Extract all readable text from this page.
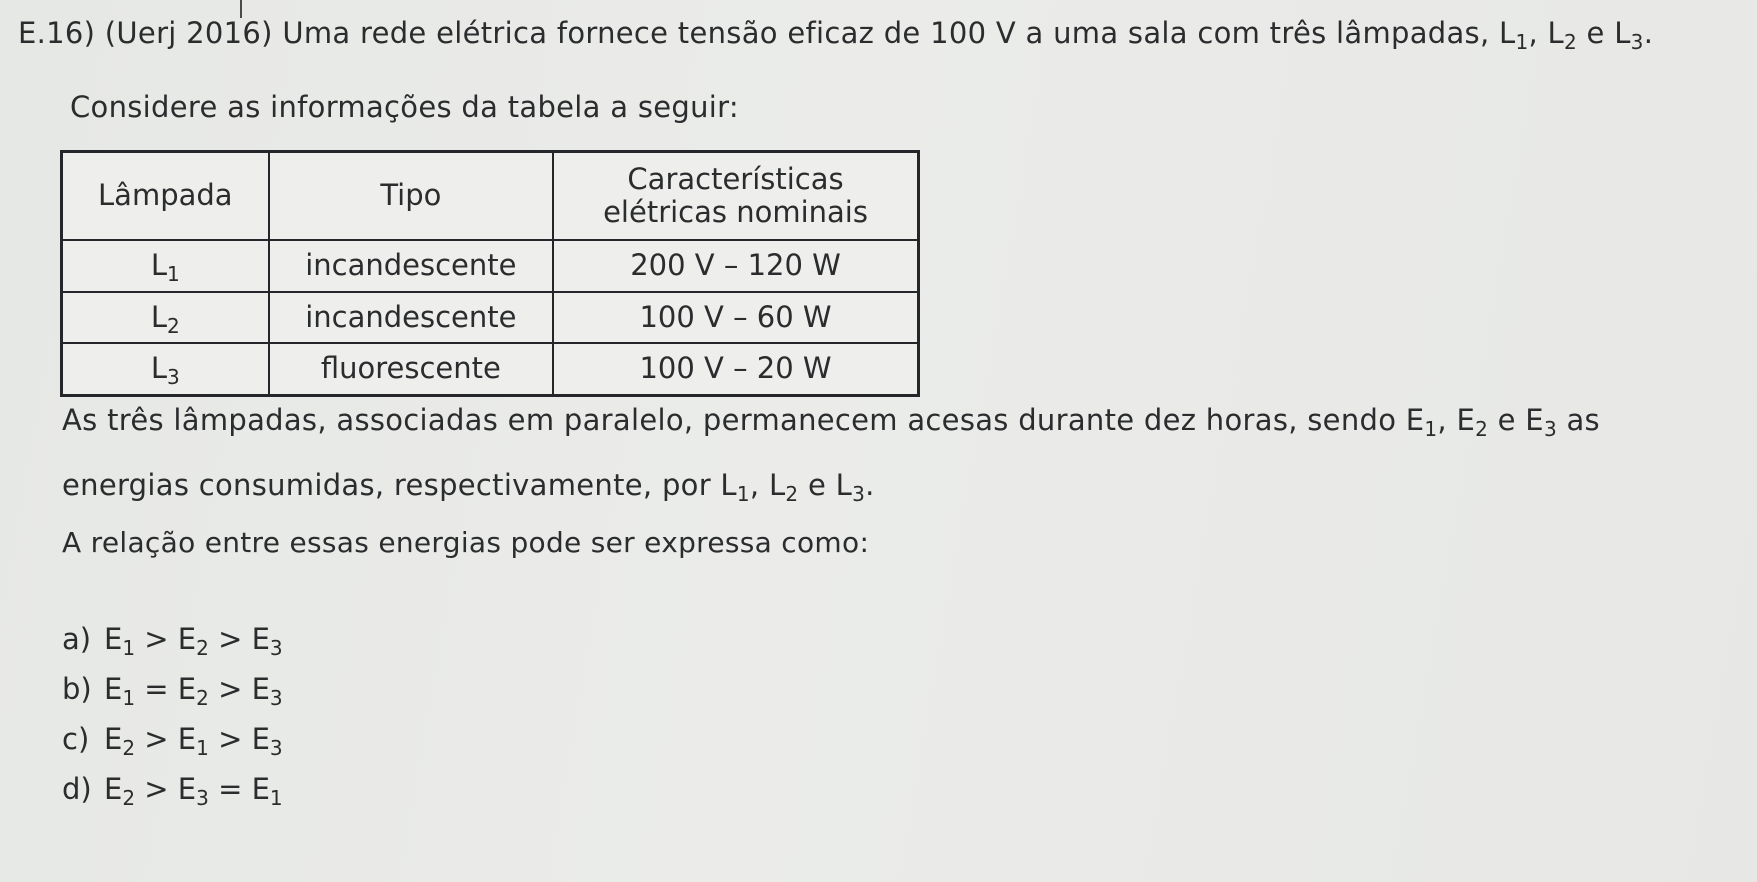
E.16) (Uerj 2016) Uma rede elétrica fornece tensão eficaz de 100 V a uma sala com três lâmpadas, $L_1$, $L_2$ e $L_3$.
Considere as informações da tabela a seguir:
Lâmpada	Tipo	Características elétricas nominais
$L_1$	incandescente	200 V – 120 W
$L_2$	incandescente	100 V – 60 W
$L_3$	fluorescente	100 V – 20 W
As três lâmpadas, associadas em paralelo, permanecem acesas durante dez horas, sendo $E_1$, $E_2$ e $E_3$ as
energias consumidas, respectivamente, por $L_1$, $L_2$ e $L_3$.
A relação entre essas energias pode ser expressa como:
a) $E_1 > E_2 > E_3$
b) $E_1 = E_2 > E_3$
c) $E_2 > E_1 > E_3$
d) $E_2 > E_3 = E_1$
